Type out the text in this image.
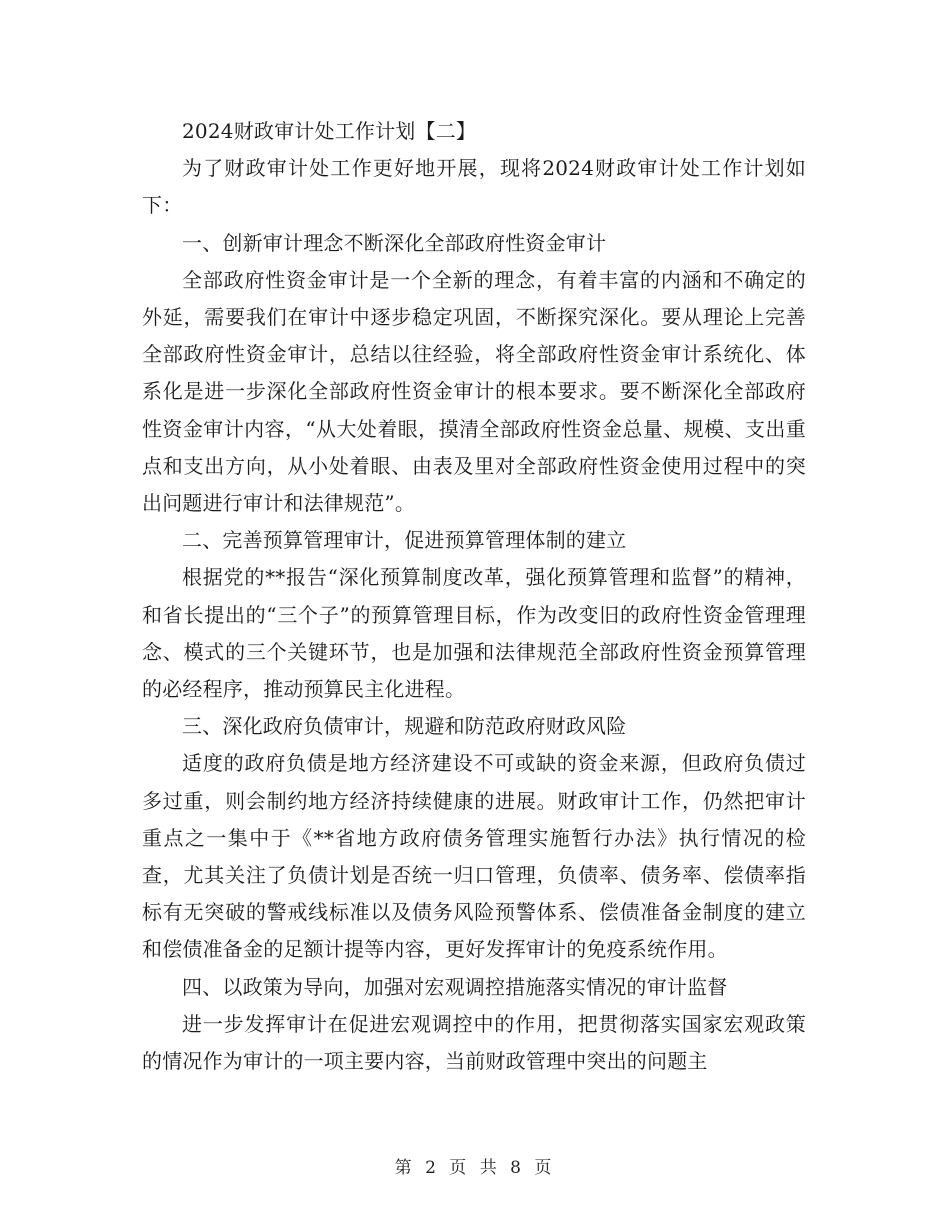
2024财政审计处工作计划【二】

为了财政审计处工作更好地开展，现将2024财政审计处工作计划如下：

一、创新审计理念不断深化全部政府性资金审计

全部政府性资金审计是一个全新的理念，有着丰富的内涵和不确定的外延，需要我们在审计中逐步稳定巩固，不断探究深化。要从理论上完善全部政府性资金审计，总结以往经验，将全部政府性资金审计系统化、体系化是进一步深化全部政府性资金审计的根本要求。要不断深化全部政府性资金审计内容，“从大处着眼，摸清全部政府性资金总量、规模、支出重点和支出方向，从小处着眼、由表及里对全部政府性资金使用过程中的突出问题进行审计和法律规范”。

二、完善预算管理审计，促进预算管理体制的建立

根据党的**报告“深化预算制度改革，强化预算管理和监督”的精神，和省长提出的“三个子”的预算管理目标，作为改变旧的政府性资金管理理念、模式的三个关键环节，也是加强和法律规范全部政府性资金预算管理的必经程序，推动预算民主化进程。

三、深化政府负债审计，规避和防范政府财政风险

适度的政府负债是地方经济建设不可或缺的资金来源，但政府负债过多过重，则会制约地方经济持续健康的进展。财政审计工作，仍然把审计重点之一集中于《**省地方政府债务管理实施暂行办法》执行情况的检查，尤其关注了负债计划是否统一归口管理，负债率、债务率、偿债率指标有无突破的警戒线标准以及债务风险预警体系、偿债准备金制度的建立和偿债准备金的足额计提等内容，更好发挥审计的免疫系统作用。

四、以政策为导向，加强对宏观调控措施落实情况的审计监督

进一步发挥审计在促进宏观调控中的作用，把贯彻落实国家宏观政策的情况作为审计的一项主要内容，当前财政管理中突出的问题主

第 2 页 共 8 页
